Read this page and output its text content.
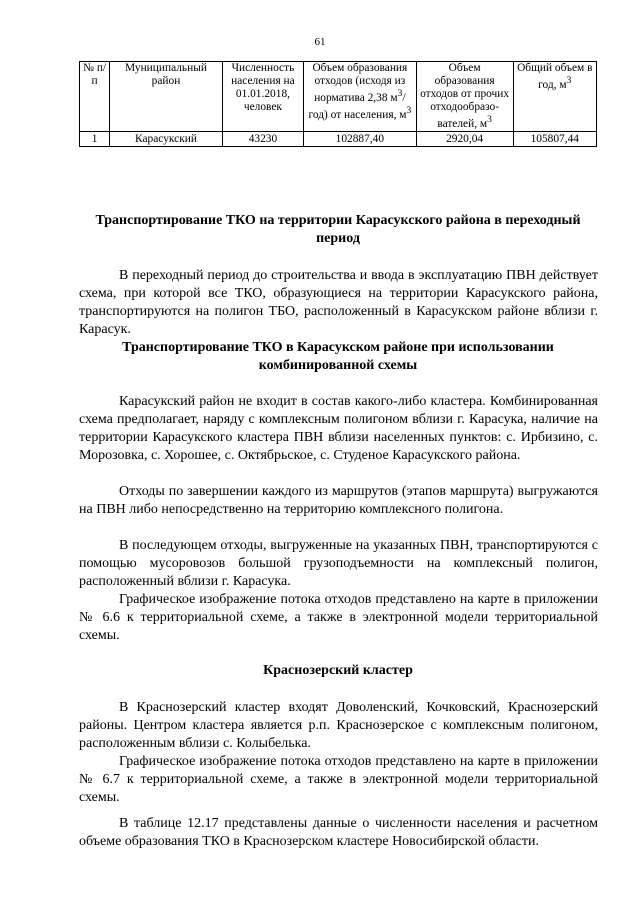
61
№ п/п	Муниципальный район	Численность населения на 01.01.2018, человек	Объем образования отходов (исходя из норматива 2,38 $м^3/год$) от населения, $м^3$	Объем образования отходов от прочих отходообразо-вателей, $м^3$	Общий объем в год, $м^3$
1	Карасукский	43230	102887,40	2920,04	105807,44
Транспортирование ТКО на территории Карасукского района в переходный период
В переходный период до строительства и ввода в эксплуатацию ПВН действует схема, при которой все ТКО, образующиеся на территории Карасукского района, транспортируются на полигон ТБО, расположенный в Карасукском районе вблизи г. Карасук.
Транспортирование ТКО в Карасукском районе при использовании комбинированной схемы
Карасукский район не входит в состав какого-либо кластера. Комбинированная схема предполагает, наряду с комплексным полигоном вблизи г. Карасука, наличие на территории Карасукского кластера ПВН вблизи населенных пунктов: с. Ирбизино, с. Морозовка, с. Хорошее, с. Октябрьское, с. Студеное Карасукского района.
Отходы по завершении каждого из маршрутов (этапов маршрута) выгружаются на ПВН либо непосредственно на территорию комплексного полигона.
В последующем отходы, выгруженные на указанных ПВН, транспортируются с помощью мусоровозов большой грузоподъемности на комплексный полигон, расположенный вблизи г. Карасука.
Графическое изображение потока отходов представлено на карте в приложении № 6.6 к территориальной схеме, а также в электронной модели территориальной схемы.
Краснозерский кластер
В Краснозерский кластер входят Доволенский, Кочковский, Краснозерский районы. Центром кластера является р.п. Краснозерское с комплексным полигоном, расположенным вблизи с. Колыбелька.
Графическое изображение потока отходов представлено на карте в приложении № 6.7 к территориальной схеме, а также в электронной модели территориальной схемы.
В таблице 12.17 представлены данные о численности населения и расчетном объеме образования ТКО в Краснозерском кластере Новосибирской области.
